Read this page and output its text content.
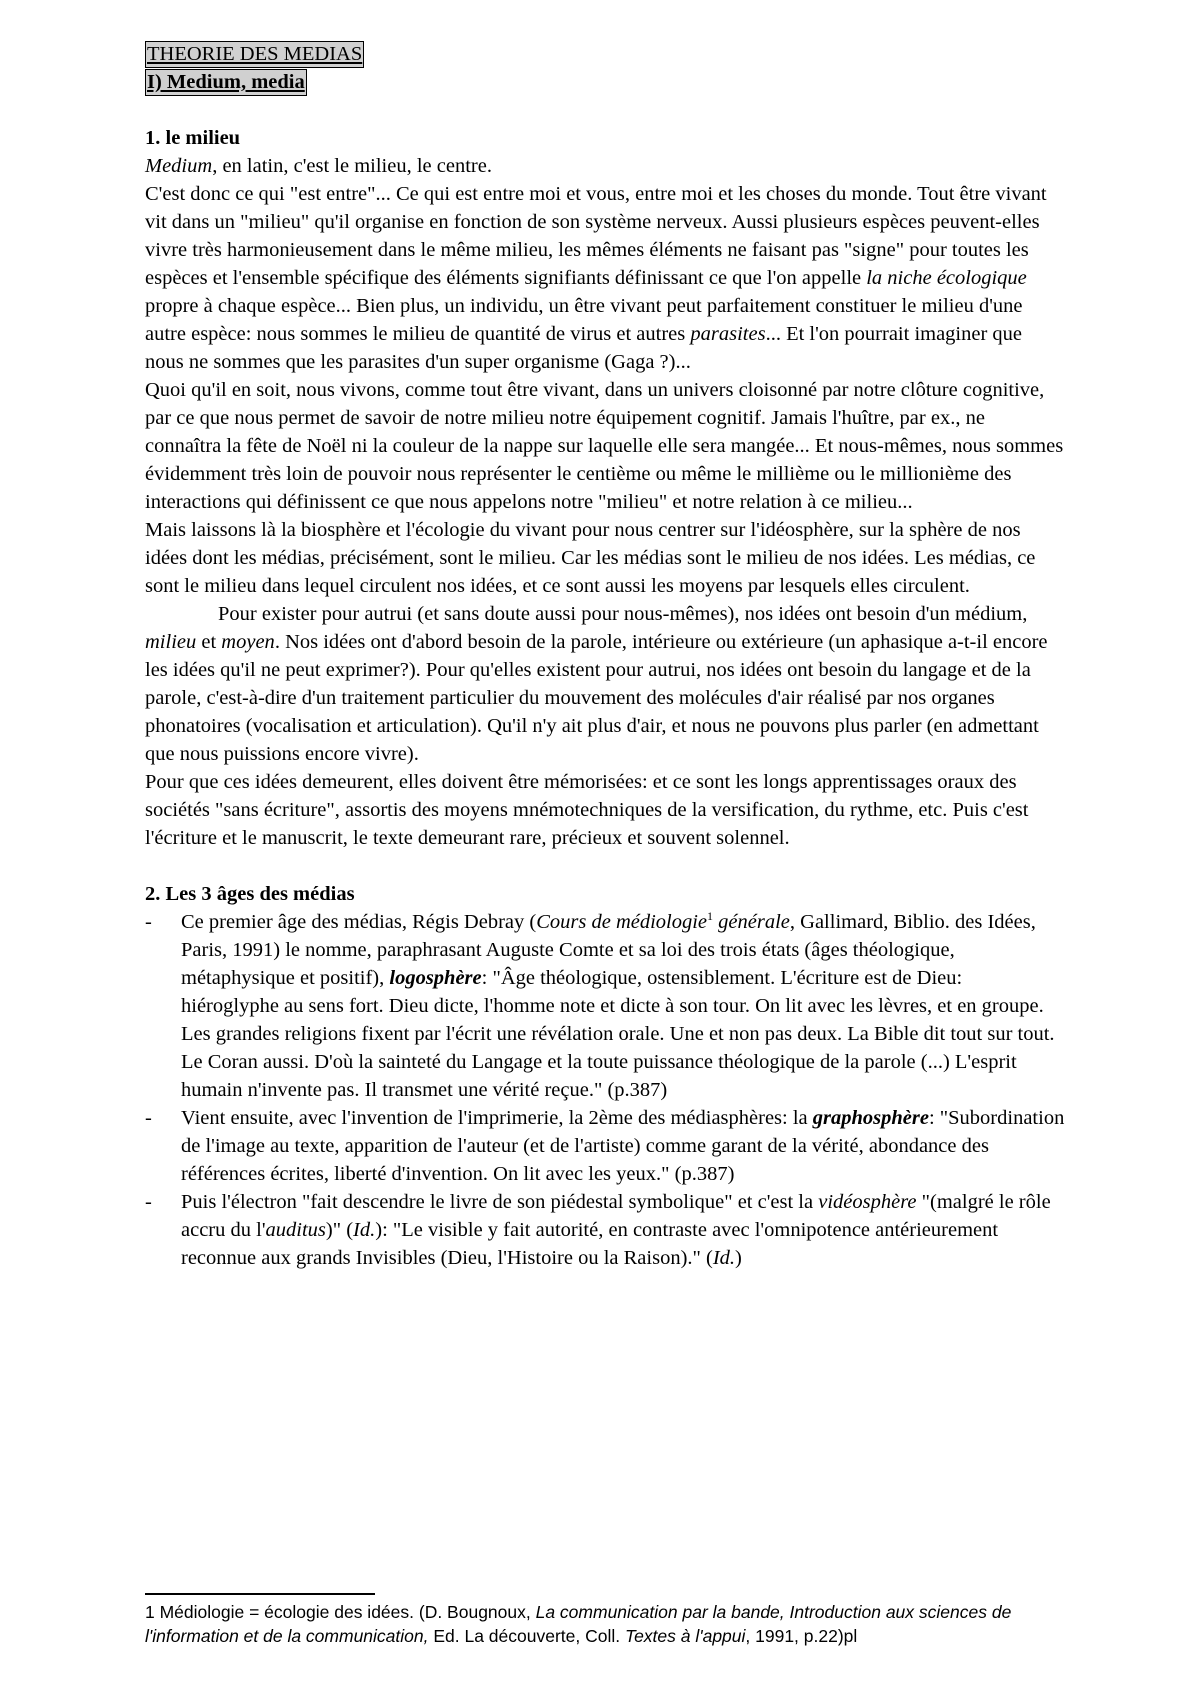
THEORIE DES MEDIAS
I) Medium, media
1. le milieu

Medium, en latin, c'est le milieu, le centre.

C'est donc ce qui "est entre"... Ce qui est entre moi et vous, entre moi et les choses du monde. Tout être vivant vit dans un "milieu" qu'il organise en fonction de son système nerveux. Aussi plusieurs espèces peuvent-elles vivre très harmonieusement dans le même milieu, les mêmes éléments ne faisant pas "signe" pour toutes les espèces et l'ensemble spécifique des éléments signifiants définissant ce que l'on appelle la niche écologique propre à chaque espèce... Bien plus, un individu, un être vivant peut parfaitement constituer le milieu d'une autre espèce: nous sommes le milieu de quantité de virus et autres parasites... Et l'on pourrait imaginer que nous ne sommes que les parasites d'un super organisme (Gaga ?)...

Quoi qu'il en soit, nous vivons, comme tout être vivant, dans un univers cloisonné par notre clôture cognitive, par ce que nous permet de savoir de notre milieu notre équipement cognitif. Jamais l'huître, par ex., ne connaîtra la fête de Noël ni la couleur de la nappe sur laquelle elle sera mangée... Et nous-mêmes, nous sommes évidemment très loin de pouvoir nous représenter le centième ou même le millième ou le millionième des interactions qui définissent ce que nous appelons notre "milieu" et notre relation à ce milieu...

Mais laissons là la biosphère et l'écologie du vivant pour nous centrer sur l'idéosphère, sur la sphère de nos idées dont les médias, précisément, sont le milieu. Car les médias sont le milieu de nos idées. Les médias, ce sont le milieu dans lequel circulent nos idées, et ce sont aussi les moyens par lesquels elles circulent.

Pour exister pour autrui (et sans doute aussi pour nous-mêmes), nos idées ont besoin d'un médium, milieu et moyen. Nos idées ont d'abord besoin de la parole, intérieure ou extérieure (un aphasique a-t-il encore les idées qu'il ne peut exprimer?). Pour qu'elles existent pour autrui, nos idées ont besoin du langage et de la parole, c'est-à-dire d'un traitement particulier du mouvement des molécules d'air réalisé par nos organes phonatoires (vocalisation et articulation). Qu'il n'y ait plus d'air, et nous ne pouvons plus parler (en admettant que nous puissions encore vivre).

Pour que ces idées demeurent, elles doivent être mémorisées: et ce sont les longs apprentissages oraux des sociétés "sans écriture", assortis des moyens mnémotechniques de la versification, du rythme, etc. Puis c'est l'écriture et le manuscrit, le texte demeurant rare, précieux et souvent solennel.

2. Les 3 âges des médias
- Ce premier âge des médias, Régis Debray (Cours de médiologie$^1$ générale, Gallimard, Biblio. des Idées, Paris, 1991) le nomme, paraphrasant Auguste Comte et sa loi des trois états (âges théologique, métaphysique et positif), logosphère: "Âge théologique, ostensiblement. L'écriture est de Dieu: hiéroglyphe au sens fort. Dieu dicte, l'homme note et dicte à son tour. On lit avec les lèvres, et en groupe. Les grandes religions fixent par l'écrit une révélation orale. Une et non pas deux. La Bible dit tout sur tout. Le Coran aussi. D'où la sainteté du Langage et la toute puissance théologique de la parole (...) L'esprit humain n'invente pas. Il transmet une vérité reçue." (p.387)
- Vient ensuite, avec l'invention de l'imprimerie, la 2ème des médiasphères: la graphosphère: "Subordination de l'image au texte, apparition de l'auteur (et de l'artiste) comme garant de la vérité, abondance des références écrites, liberté d'invention. On lit avec les yeux." (p.387)
- Puis l'électron "fait descendre le livre de son piédestal symbolique" et c'est la vidéosphère "(malgré le rôle accru du l'auditus)" (Id.): "Le visible y fait autorité, en contraste avec l'omnipotence antérieurement reconnue aux grands Invisibles (Dieu, l'Histoire ou la Raison)." (Id.)
1 Médiologie = écologie des idées. (D. Bougnoux, La communication par la bande, Introduction aux sciences de l'information et de la communication, Ed. La découverte, Coll. Textes à l'appui, 1991, p.22)pl
